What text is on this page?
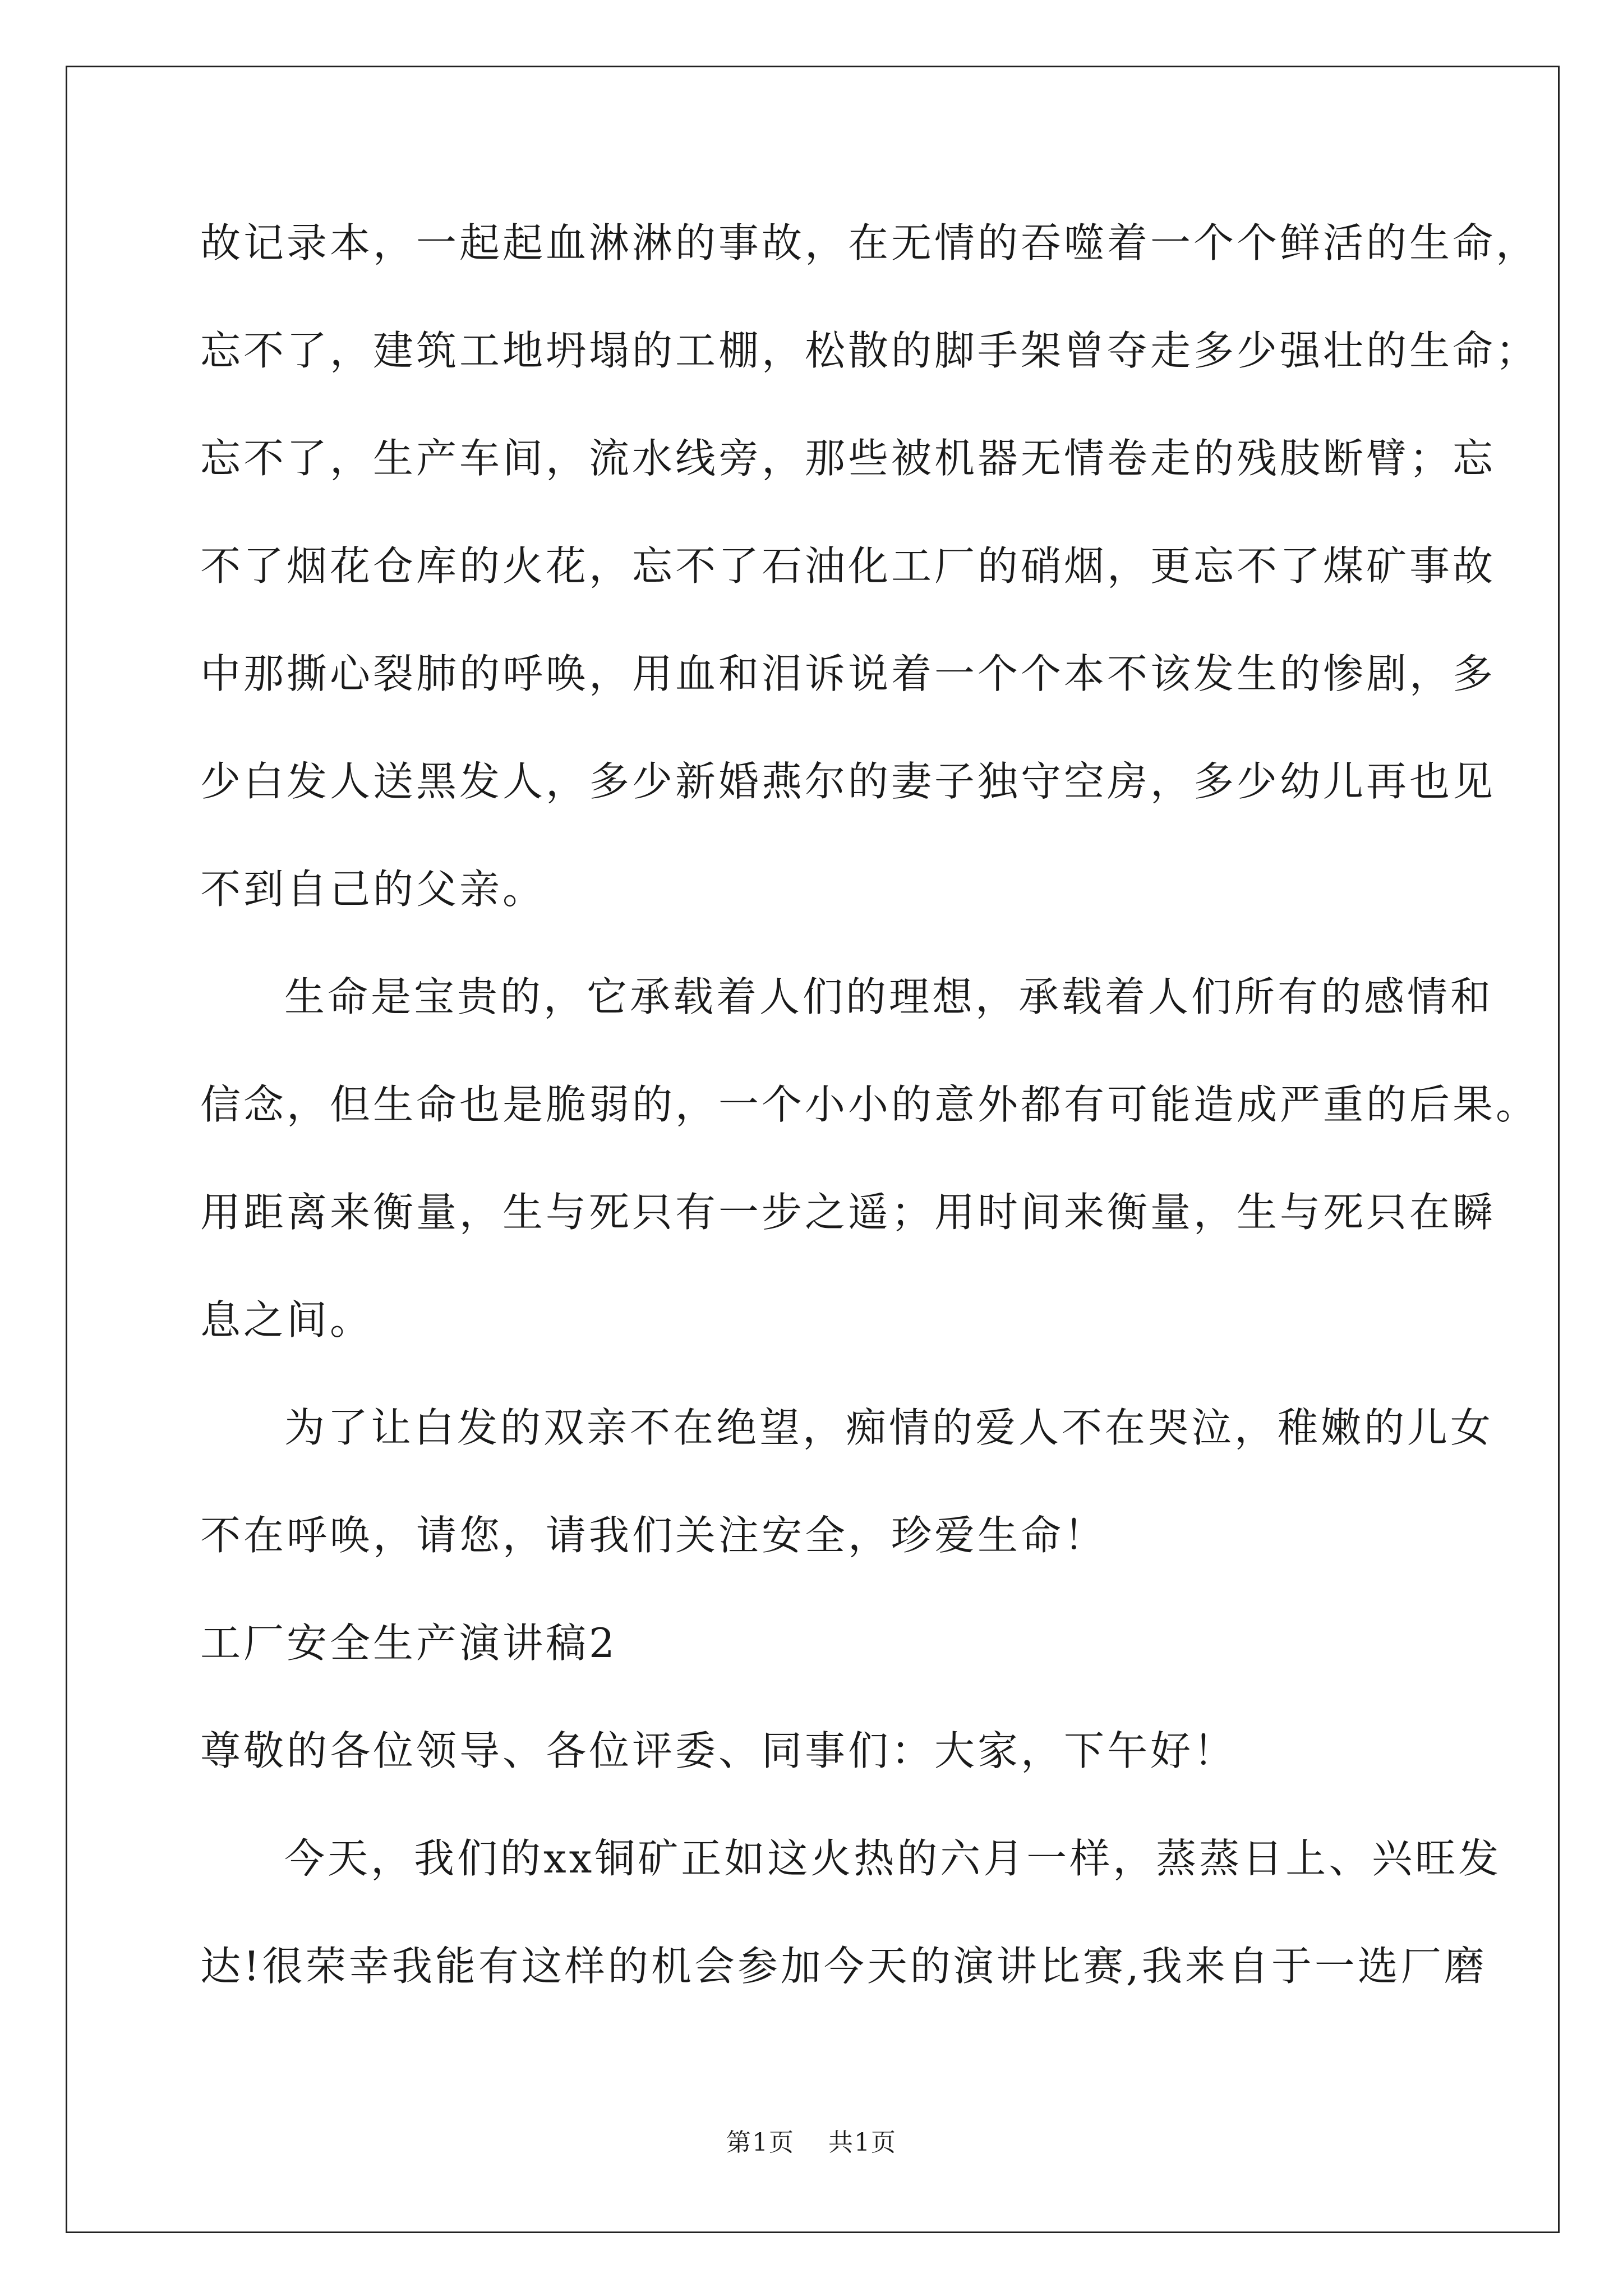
故记录本，一起起血淋淋的事故，在无情的吞噬着一个个鲜活的生命，
忘不了，建筑工地坍塌的工棚，松散的脚手架曾夺走多少强壮的生命；
忘不了，生产车间，流水线旁，那些被机器无情卷走的残肢断臂；忘
不了烟花仓库的火花，忘不了石油化工厂的硝烟，更忘不了煤矿事故
中那撕心裂肺的呼唤，用血和泪诉说着一个个本不该发生的惨剧，多
少白发人送黑发人，多少新婚燕尔的妻子独守空房，多少幼儿再也见
不到自己的父亲。
生命是宝贵的，它承载着人们的理想，承载着人们所有的感情和
信念，但生命也是脆弱的，一个小小的意外都有可能造成严重的后果。
用距离来衡量，生与死只有一步之遥；用时间来衡量，生与死只在瞬
息之间。
为了让白发的双亲不在绝望，痴情的爱人不在哭泣，稚嫩的儿女
不在呼唤，请您，请我们关注安全，珍爱生命！
工厂安全生产演讲稿2
尊敬的各位领导、各位评委、同事们：大家，下午好！
今天，我们的xx铜矿正如这火热的六月一样，蒸蒸日上、兴旺发
达!很荣幸我能有这样的机会参加今天的演讲比赛,我来自于一选厂磨
第1页 共1页
